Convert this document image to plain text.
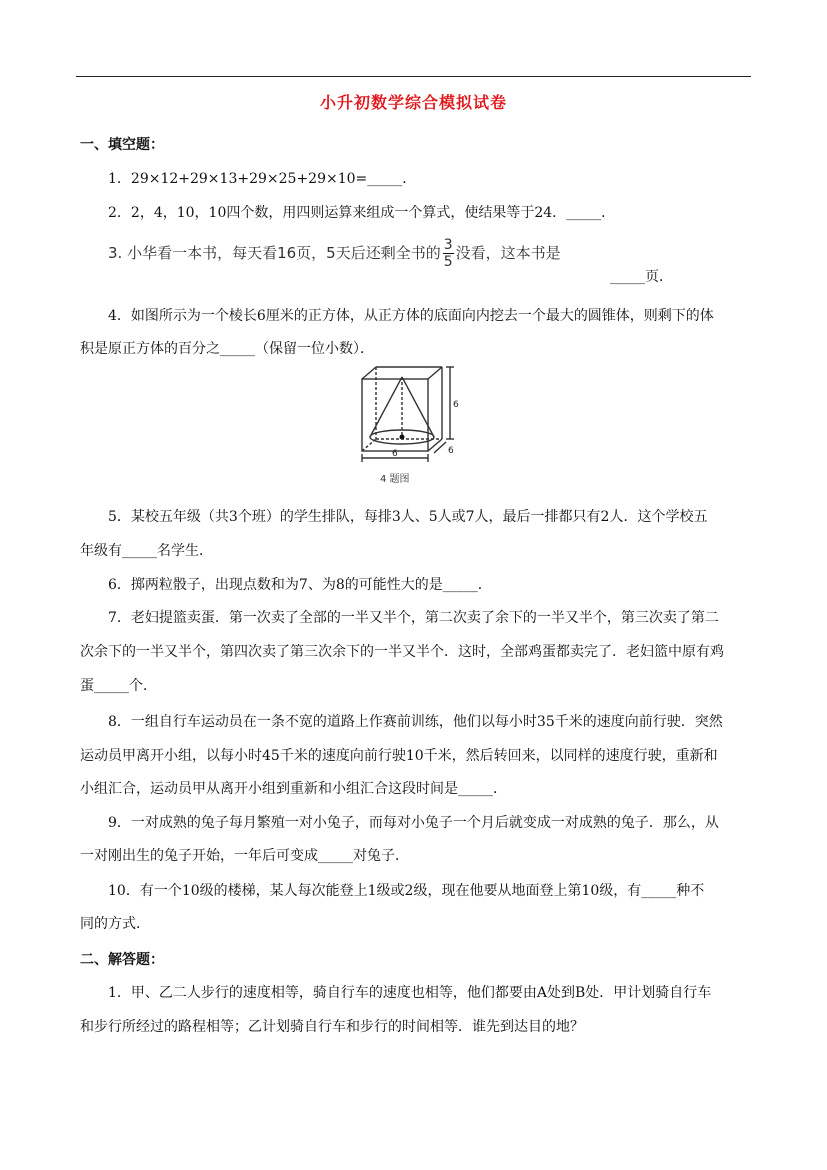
小升初数学综合模拟试卷
一、填空题：
1．29×12+29×13+29×25+29×10=_____．
2．2，4，10，10四个数，用四则运算来组成一个算式，使结果等于24．_____．
3. 小华看一本书，每天看16页，5天后还剩全书的 $\frac{3}{5}$ 没看，这本书是
_____页．
4．如图所示为一个棱长6厘米的正方体，从正方体的底面向内挖去一个最大的圆锥体，则剩下的体
积是原正方体的百分之_____（保留一位小数）．
6
6
6
4 题图
5．某校五年级（共3个班）的学生排队，每排3人、5人或7人，最后一排都只有2人．这个学校五
年级有_____名学生．
6．掷两粒骰子，出现点数和为7、为8的可能性大的是_____．
7．老妇提篮卖蛋．第一次卖了全部的一半又半个，第二次卖了余下的一半又半个，第三次卖了第二
次余下的一半又半个，第四次卖了第三次余下的一半又半个．这时，全部鸡蛋都卖完了．老妇篮中原有鸡
蛋_____个．
8．一组自行车运动员在一条不宽的道路上作赛前训练，他们以每小时35千米的速度向前行驶．突然
运动员甲离开小组，以每小时45千米的速度向前行驶10千米，然后转回来，以同样的速度行驶，重新和
小组汇合，运动员甲从离开小组到重新和小组汇合这段时间是_____．
9．一对成熟的兔子每月繁殖一对小兔子，而每对小兔子一个月后就变成一对成熟的兔子．那么，从
一对刚出生的兔子开始，一年后可变成_____对兔子．
10．有一个10级的楼梯，某人每次能登上1级或2级，现在他要从地面登上第10级，有_____种不
同的方式．
二、解答题：
1．甲、乙二人步行的速度相等，骑自行车的速度也相等，他们都要由A处到B处．甲计划骑自行车
和步行所经过的路程相等；乙计划骑自行车和步行的时间相等．谁先到达目的地？
